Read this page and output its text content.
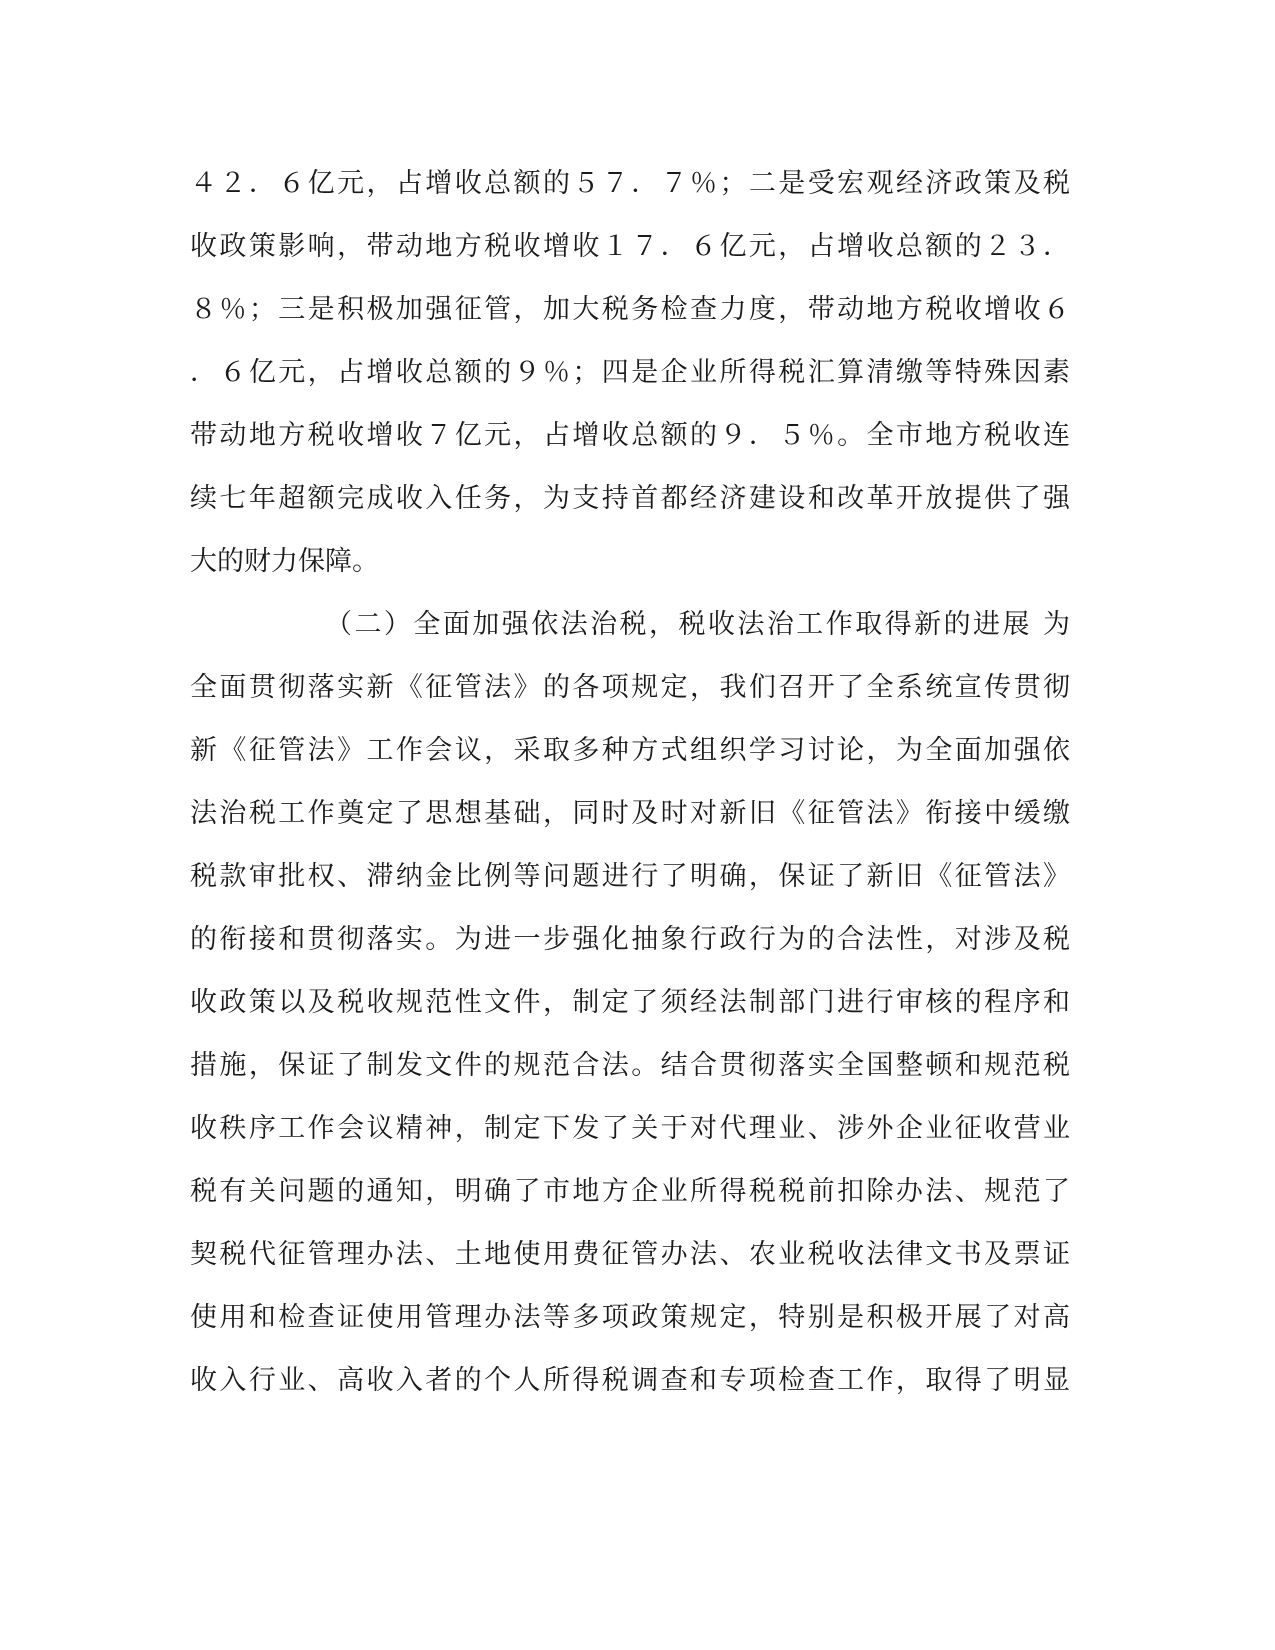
４２．６亿元，占增收总额的５７．７％；二是受宏观经济政策及税
收政策影响，带动地方税收增收１７．６亿元，占增收总额的２３．
８％；三是积极加强征管，加大税务检查力度，带动地方税收增收６
．６亿元，占增收总额的９％；四是企业所得税汇算清缴等特殊因素
带动地方税收增收７亿元，占增收总额的９．５％。全市地方税收连
续七年超额完成收入任务，为支持首都经济建设和改革开放提供了强
大的财力保障。
（二）全面加强依法治税，税收法治工作取得新的进展 为
全面贯彻落实新《征管法》的各项规定，我们召开了全系统宣传贯彻
新《征管法》工作会议，采取多种方式组织学习讨论，为全面加强依
法治税工作奠定了思想基础，同时及时对新旧《征管法》衔接中缓缴
税款审批权、滞纳金比例等问题进行了明确，保证了新旧《征管法》
的衔接和贯彻落实。为进一步强化抽象行政行为的合法性，对涉及税
收政策以及税收规范性文件，制定了须经法制部门进行审核的程序和
措施，保证了制发文件的规范合法。结合贯彻落实全国整顿和规范税
收秩序工作会议精神，制定下发了关于对代理业、涉外企业征收营业
税有关问题的通知，明确了市地方企业所得税税前扣除办法、规范了
契税代征管理办法、土地使用费征管办法、农业税收法律文书及票证
使用和检查证使用管理办法等多项政策规定，特别是积极开展了对高
收入行业、高收入者的个人所得税调查和专项检查工作，取得了明显
